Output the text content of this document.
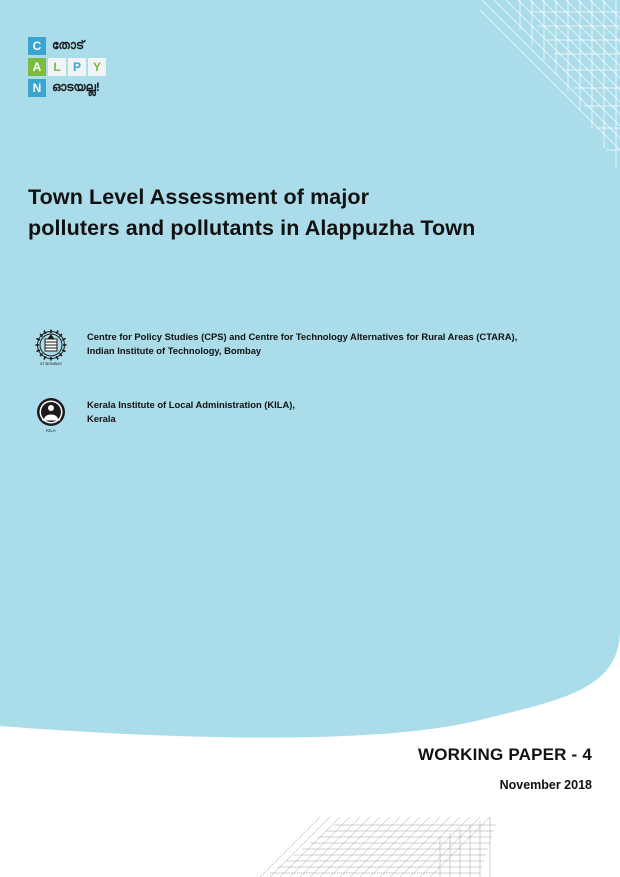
C തോട്
A	L	P Y
N ഓടയല്ല!
Town Level Assessment of major
polluters and pollutants in Alappuzha Town
IIT BOMBAY
Centre for Policy Studies (CPS) and Centre for Technology Alternatives for Rural Areas (CTARA),
Indian Institute of Technology, Bombay
KILA
Kerala Institute of Local Administration (KILA),
Kerala
WORKING PAPER - 4
November 2018
